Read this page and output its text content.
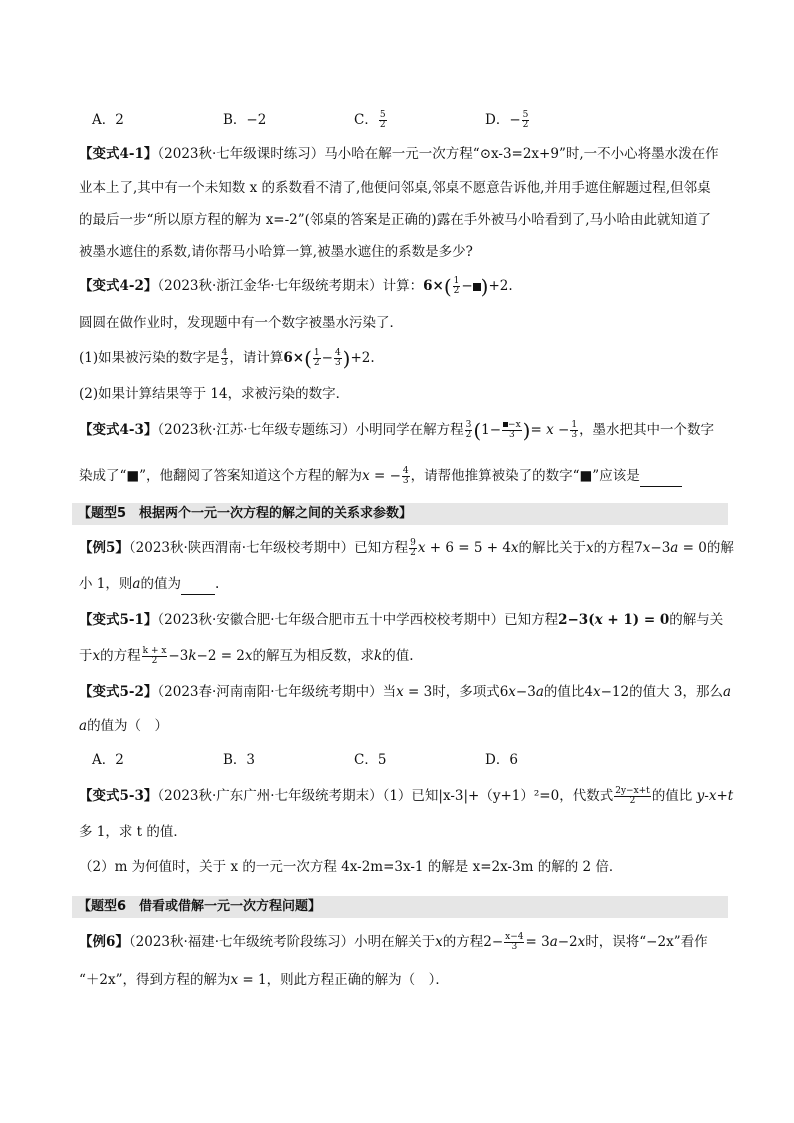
A．2	B．−2	C． $\frac{5}{2}$	D．− $\frac{5}{2}$
【变式4-1】（2023秋·七年级课时练习）马小哈在解一元一次方程“⊙x-3=2x+9”时,一不小心将墨水泼在作
业本上了,其中有一个未知数 x 的系数看不清了,他便问邻桌,邻桌不愿意告诉他,并用手遮住解题过程,但邻桌
的最后一步“所以原方程的解为 x=-2”(邻桌的答案是正确的)露在手外被马小哈看到了,马小哈由此就知道了
被墨水遮住的系数,请你帮马小哈算一算,被墨水遮住的系数是多少?
【变式4-2】（2023秋·浙江金华·七年级统考期末）计算：$6\times( \frac{1}{2} - )+2$.
圆圆在做作业时，发现题中有一个数字被墨水污染了．
(1)如果被污染的数字是 $\frac{4}{3}$ ，请计算$6\times( \frac{1}{2} - \frac{4}{3} )+2$.
(2)如果计算结果等于 14，求被污染的数字．
【变式4-3】（2023秋·江苏·七年级专题练习）小明同学在解方程 $\frac{3}{2} (1- \frac{-x}{3}$ )= $x - \frac{1}{3}$ ，墨水把其中一个数字
染成了“■”，他翻阅了答案知道这个方程的解为x = − $\frac{4}{3}$ ，请帮他推算被染了的数字“■”应该是
【题型5　根据两个一元一次方程的解之间的关系求参数】
【例5】（2023秋·陕西渭南·七年级校考期中）已知方程 $\frac{9}{2}$ x + 6 = 5 + 4x的解比关于x的方程7x−3a = 0的解
小 1，则a的值为	.
【变式5-1】（2023秋·安徽合肥·七年级合肥市五十中学西校校考期中）已知方程2−3(x + 1) = 0的解与关
于x的方程 $\frac{k + x}{2} -3k-2 = 2x$的解互为相反数，求k的值.
【变式5-2】（2023春·河南南阳·七年级统考期中）当x = 3时，多项式6x−3a的值比4x−12的值大 3，那么a
a的值为（　）
A．2	B．3	C．5	D．6
【变式5-3】（2023秋·广东广州·七年级统考期末）（1）已知|x-3|+（y+1）²=0，代数式 $\frac{2y-x+t}{2}$ 的值比 y-x+t
多 1，求 t 的值．
（2）m 为何值时，关于 x 的一元一次方程 4x-2m=3x-1 的解是 x=2x-3m 的解的 2 倍．
【题型6　借看或借解一元一次方程问题】
【例6】（2023秋·福建·七年级统考阶段练习）小明在解关于x的方程$2- \frac{x-4}{3} = 3a-2x$时，误将“−2x”看作
“＋2x”，得到方程的解为x = 1，则此方程正确的解为（　）．
